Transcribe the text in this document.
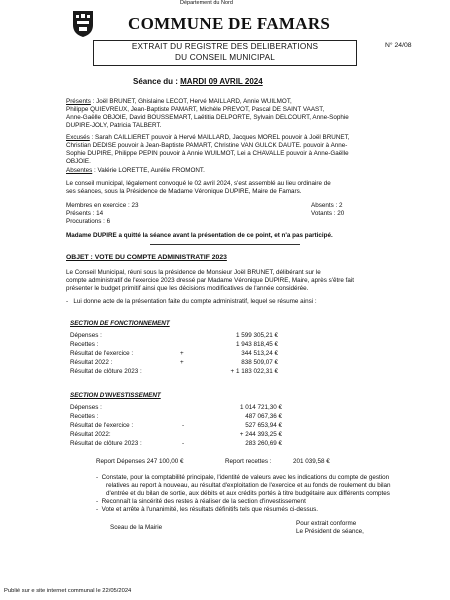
Département du Nord
COMMUNE DE FAMARS
EXTRAIT DU REGISTRE DES DELIBERATIONS
DU CONSEIL MUNICIPAL
N° 24/08
Séance du : MARDI 09 AVRIL 2024
Présents : Joël BRUNET, Ghislaine LECOT, Hervé MAILLARD, Annie WUILMOT,
Philippe QUIEVREUX, Jean-Baptiste PAMART, Michèle PREVOT, Pascal DE SAINT VAAST,
Anne-Gaëlle OBJOIE, David BOUSSEMART, Laëtitia DELPORTE, Sylvain DELCOURT, Anne-Sophie
DUPIRE-JOLY, Patricia TALBERT.
Excusés : Sarah CAILLIERET pouvoir à Hervé MAILLARD, Jacques MOREL pouvoir à Joël BRUNET,
Christian DEDISE pouvoir à Jean-Baptiste PAMART, Christine VAN GULCK DAUTE. pouvoir à Anne-
Sophie DUPIRE, Philippe PEPIN pouvoir à Annie WUILMOT, Lei a CHAVALLE pouvoir à Anne-Gaëlle
OBJOIE.
Absentes : Valérie LORETTE, Aurélie FROMONT.
Le conseil municipal, légalement convoqué le 02 avril 2024, s'est assemblé au lieu ordinaire de
ses séances, sous la Présidence de Madame Véronique DUPIRE, Maire de Famars.
Membres en exercice : 23
Présents : 14
Procurations : 6
Absents : 2
Votants : 20
Madame DUPIRE a quitté la séance avant la présentation de ce point, et n'a pas participé.
OBJET : VOTE DU COMPTE ADMINISTRATIF 2023
Le Conseil Municipal, réuni sous la présidence de Monsieur Joël BRUNET, délibérant sur le
compte administratif de l'exercice 2023 dressé par Madame Véronique DUPIRE, Maire, après s'être fait
présenter le budget primitif ainsi que les décisions modificatives de l'année considérée.
-   Lui donne acte de la présentation faite du compte administratif, lequel se résume ainsi :
SECTION DE FONCTIONNEMENT
Dépenses :	1 599 305,21 €
Recettes :	1 943 818,45 €
Résultat de l'exercice :	+	344 513,24 €
Résultat 2022 :	+	838 509,07 €
Résultat de clôture 2023 :	+ 1 183 022,31 €
SECTION D'INVESTISSEMENT
Dépenses :	1 014 721,30 €
Recettes :	487 067,36 €
Résultat de l'exercice :	-	527 653,94 €
Résultat 2022:	+ 244 393,25 €
Résultat de clôture 2023 :	-	283 260,69 €
Report Dépenses 247 100,00 €	Report recettes :	201 039,58 €
-  Constate, pour la comptabilité principale, l'identité de valeurs avec les indications du compte de gestion
relatives au report à nouveau, au résultat d'exploitation de l'exercice et au fonds de roulement du bilan
d'entrée et du bilan de sortie, aux débits et aux crédits portés à titre budgétaire aux différents comptes
-  Reconnaît la sincérité des restes à réaliser de la section d'investissement
-  Vote et arrête à l'unanimité, les résultats définitifs tels que résumés ci-dessus.
Sceau de la Mairie
Pour extrait conforme
Le Président de séance,
Publié sur e site internet communal le 22/05/2024
